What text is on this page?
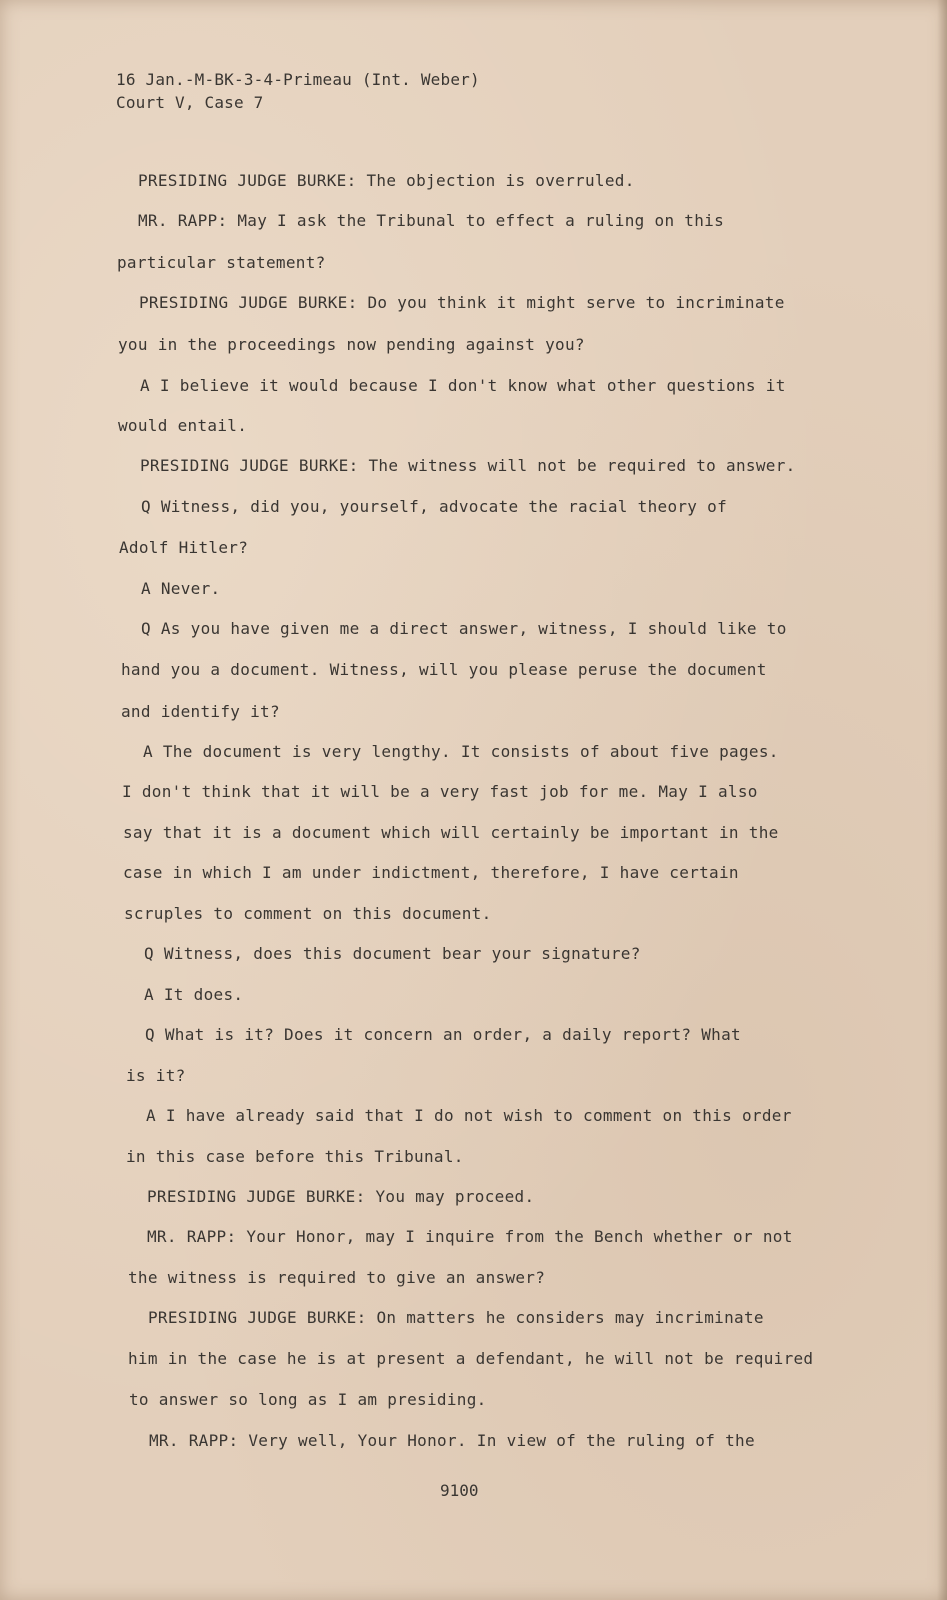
16 Jan.-M-BK-3-4-Primeau (Int. Weber)
Court V, Case 7
PRESIDING JUDGE BURKE: The objection is overruled.
MR. RAPP: May I ask the Tribunal to effect a ruling on this
particular statement?
PRESIDING JUDGE BURKE: Do you think it might serve to incriminate
you in the proceedings now pending against you?
A I believe it would because I don't know what other questions it
would entail.
PRESIDING JUDGE BURKE: The witness will not be required to answer.
Q Witness, did you, yourself, advocate the racial theory of
Adolf Hitler?
A Never.
Q As you have given me a direct answer, witness, I should like to
hand you a document. Witness, will you please peruse the document
and identify it?
A The document is very lengthy. It consists of about five pages.
I don't think that it will be a very fast job for me. May I also
say that it is a document which will certainly be important in the
case in which I am under indictment, therefore, I have certain
scruples to comment on this document.
Q Witness, does this document bear your signature?
A It does.
Q What is it? Does it concern an order, a daily report? What
is it?
A I have already said that I do not wish to comment on this order
in this case before this Tribunal.
PRESIDING JUDGE BURKE: You may proceed.
MR. RAPP: Your Honor, may I inquire from the Bench whether or not
the witness is required to give an answer?
PRESIDING JUDGE BURKE: On matters he considers may incriminate
him in the case he is at present a defendant, he will not be required
to answer so long as I am presiding.
MR. RAPP: Very well, Your Honor. In view of the ruling of the
9100
